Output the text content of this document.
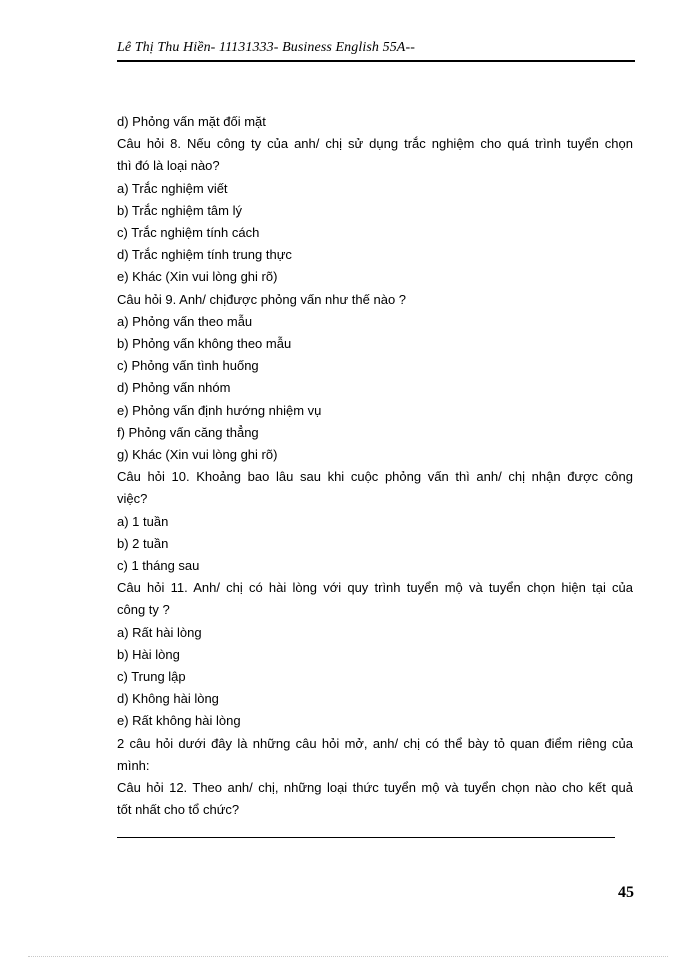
Lê Thị Thu Hiền- 11131333- Business English 55A--
d) Phỏng vấn mặt đối mặt
Câu hỏi 8. Nếu công ty của anh/ chị sử dụng trắc nghiệm cho quá trình tuyển chọn
thì đó là loại nào?
a) Trắc nghiệm viết
b) Trắc nghiệm tâm lý
c) Trắc nghiệm tính cách
d) Trắc nghiệm tính trung thực
e) Khác (Xin vui lòng ghi rõ)
Câu hỏi 9. Anh/ chịđược phỏng vấn như thế nào ?
a) Phỏng vấn theo mẫu
b) Phỏng vấn không theo mẫu
c) Phỏng vấn tình huống
d) Phỏng vấn nhóm
e) Phỏng vấn định hướng nhiệm vụ
f) Phỏng vấn căng thẳng
g) Khác (Xin vui lòng ghi rõ)
Câu hỏi 10. Khoảng bao lâu sau khi cuộc phỏng vấn thì anh/ chị nhận được công
việc?
a) 1 tuần
b) 2 tuần
c) 1 tháng sau
Câu hỏi 11. Anh/ chị có hài lòng với quy trình tuyển mộ và tuyển chọn hiện tại của
công ty ?
a) Rất hài lòng
b) Hài lòng
c) Trung lập
d) Không hài lòng
e) Rất không hài lòng
2 câu hỏi dưới đây là những câu hỏi mở, anh/ chị có thể bày tỏ quan điểm riêng của
mình:
Câu hỏi 12. Theo anh/ chị, những loại thức tuyển mộ và tuyển chọn nào cho kết quả
tốt nhất cho tổ chức?
45
